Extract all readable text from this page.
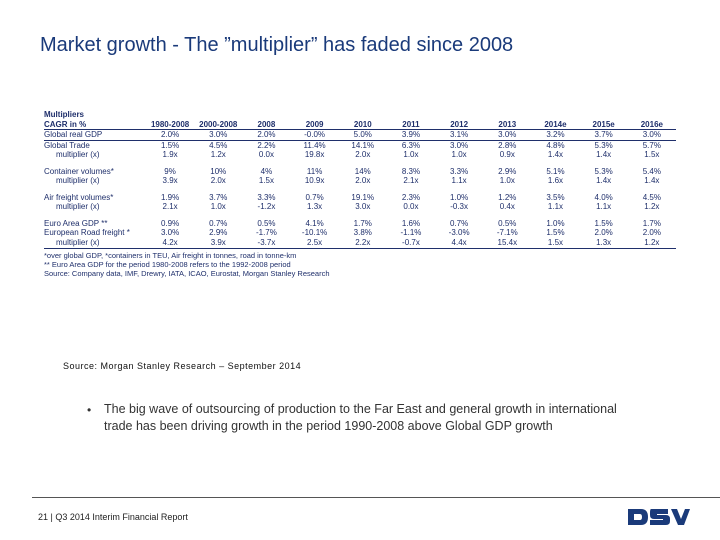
Market growth - The ”multiplier” has faded since 2008
Multipliers											
CAGR in %	1980-2008	2000-2008	2008	2009	2010	2011	2012	2013	2014e	2015e	2016e
Global real GDP	2.0%	3.0%	2.0%	-0.0%	5.0%	3.9%	3.1%	3.0%	3.2%	3.7%	3.0%
Global Trade	1.5%	4.5%	2.2%	11.4%	14.1%	6.3%	3.0%	2.8%	4.8%	5.3%	5.7%
multiplier (x)	1.9x	1.2x	0.0x	19.8x	2.0x	1.0x	1.0x	0.9x	1.4x	1.4x	1.5x
Container volumes*	9%	10%	4%	11%	14%	8.3%	3.3%	2.9%	5.1%	5.3%	5.4%
multiplier (x)	3.9x	2.0x	1.5x	10.9x	2.0x	2.1x	1.1x	1.0x	1.6x	1.4x	1.4x
Air freight volumes*	1.9%	3.7%	3.3%	0.7%	19.1%	2.3%	1.0%	1.2%	3.5%	4.0%	4.5%
multiplier (x)	2.1x	1.0x	-1.2x	1.3x	3.0x	0.0x	-0.3x	0.4x	1.1x	1.1x	1.2x
Euro Area GDP **	0.9%	0.7%	0.5%	4.1%	1.7%	1.6%	0.7%	0.5%	1.0%	1.5%	1.7%
European Road freight *	3.0%	2.9%	-1.7%	-10.1%	3.8%	-1.1%	-3.0%	-7.1%	1.5%	2.0%	2.0%
multiplier (x)	4.2x	3.9x	-3.7x	2.5x	2.2x	-0.7x	4.4x	15.4x	1.5x	1.3x	1.2x
*over global GDP, *containers in TEU, Air freight in tonnes, road in tonne-km
** Euro Area GDP for the period 1980-2008 refers to the 1992-2008 period
Source: Company data, IMF, Drewry, IATA, ICAO, Eurostat, Morgan Stanley Research
Source: Morgan Stanley Research – September 2014
• The big wave of outsourcing of production to the Far East and general growth in international trade has been driving growth in the period 1990-2008 above Global GDP growth
21 | Q3 2014 Interim Financial Report
